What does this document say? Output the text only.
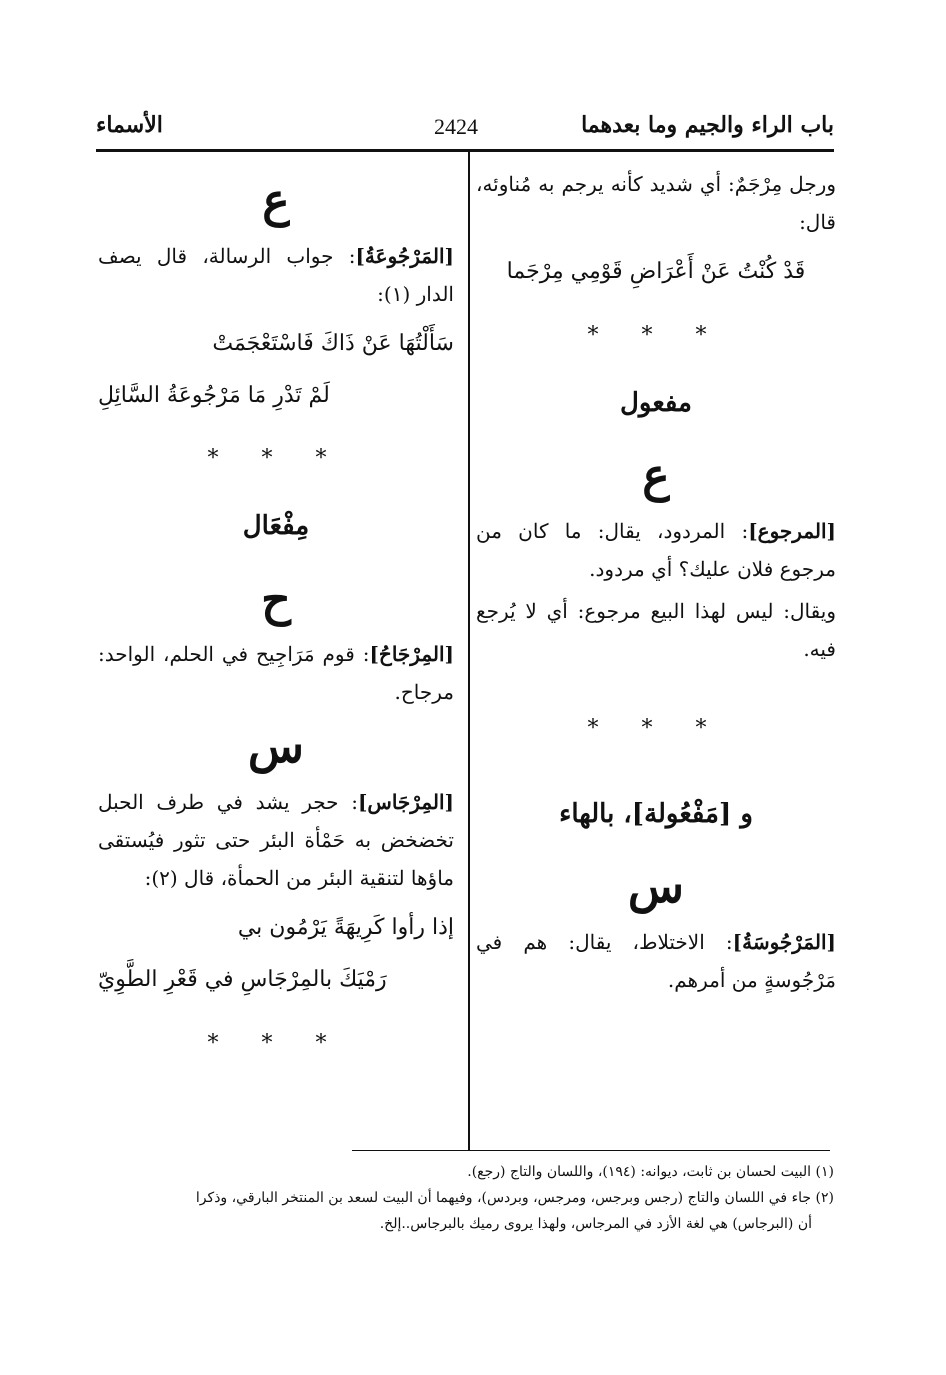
باب الراء والجيم وما بعدهما
2424
الأسماء

ورجل مِرْجَمٌ: أي شديد كأنه يرجم به مُناوئه، قال:

قَدْ كُنْتُ عَنْ أَعْرَاضِ قَوْمِي مِرْجَما
* * *
مفعول
ع

[المرجوع]: المردود، يقال: ما كان من مرجوع فلان عليك؟ أي مردود.

ويقال: ليس لهذا البيع مرجوع: أي لا يُرجع فيه.

* * *
و [مَفْعُولة]، بالهاء
س

[المَرْجُوسَةُ]: الاختلاط، يقال: هم في مَرْجُوسةٍ من أمرهم.

ع

[المَرْجُوعَةُ]: جواب الرسالة، قال يصف الدار (١):

سَأَلْتُهَا عَنْ ذَاكَ فَاسْتَعْجَمَتْ
لَمْ تَدْرِ مَا مَرْجُوعَةُ السَّائِلِ
* * *
مِفْعَال
ح

[المِرْجَاحُ]: قوم مَرَاجِيح في الحلم، الواحد: مرجاح.

س

[المِرْجَاس]: حجر يشد في طرف الحبل تخضخض به حَمْأة البئر حتى تثور فيُستقى ماؤها لتنقية البئر من الحمأة، قال (٢):

إذا رأوا كَرِيهَةً يَرْمُون بي
رَمْيَكَ بالمِرْجَاسِ في قَعْرِ الطَّوِيّ
* * *

(١) البيت لحسان بن ثابت، ديوانه: (١٩٤)، واللسان والتاج (رجع).

(٢) جاء في اللسان والتاج (رجس وبرجس، ومرجس، وبردس)، وفيهما أن البيت لسعد بن المنتخر البارقي، وذكرا

أن (البرجاس) هي لغة الأزد في المرجاس، ولهذا يروى رميك بالبرجاس..إلخ.
